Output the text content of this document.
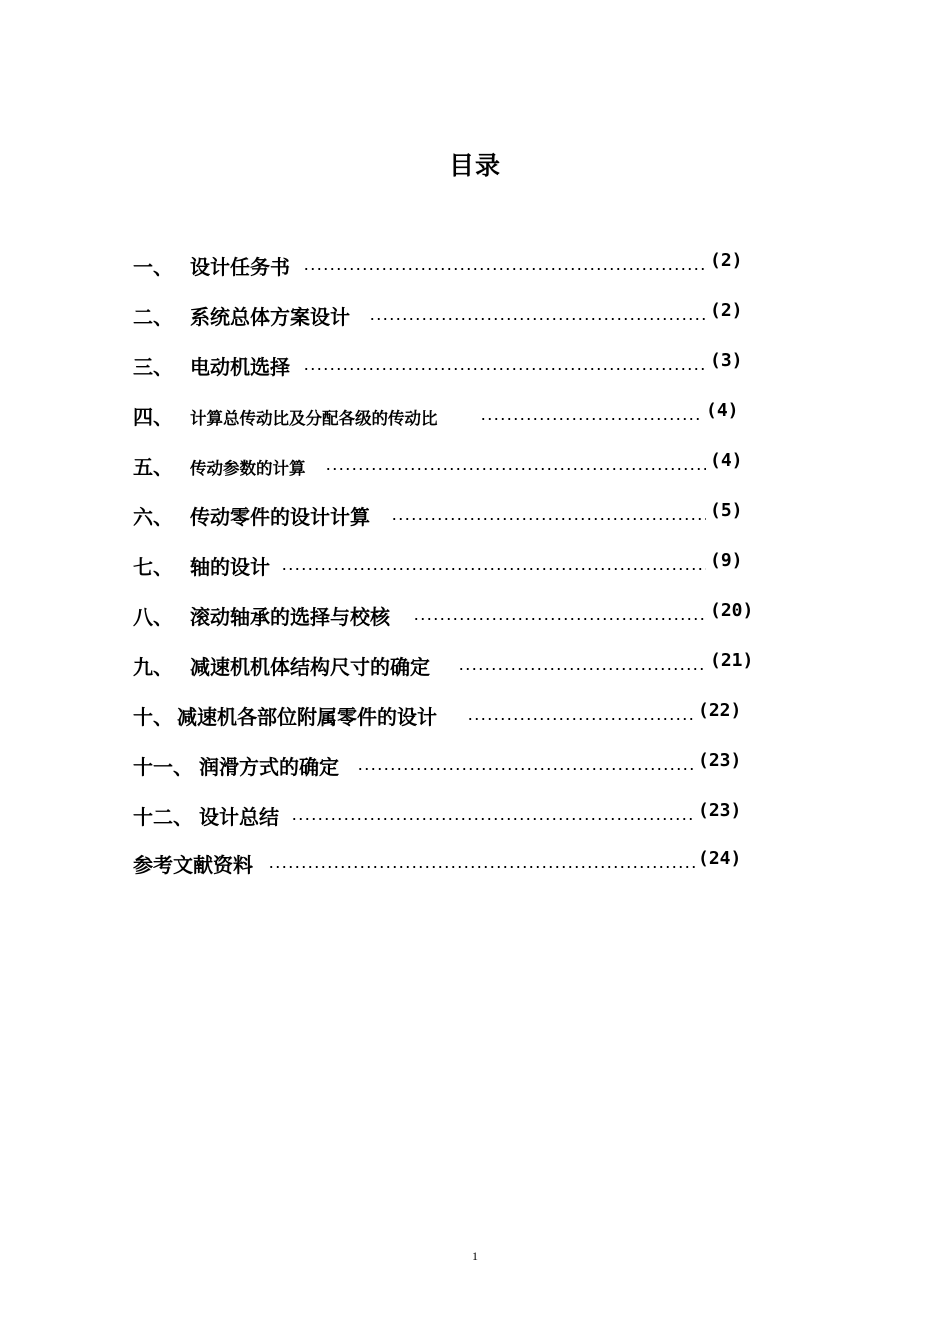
目录
一、 设计任务书	(2)
二、 系统总体方案设计	(2)
三、 电动机选择	(3)
四、 计算总传动比及分配各级的传动比	(4)
五、 传动参数的计算	(4)
六、 传动零件的设计计算	(5)
七、 轴的设计	(9)
八、 滚动轴承的选择与校核	(20)
九、 减速机机体结构尺寸的确定	(21)
十、 减速机各部位附属零件的设计	(22)
十一、 润滑方式的确定	(23)
十二、 设计总结	(23)
参考文献资料	(24)
1
